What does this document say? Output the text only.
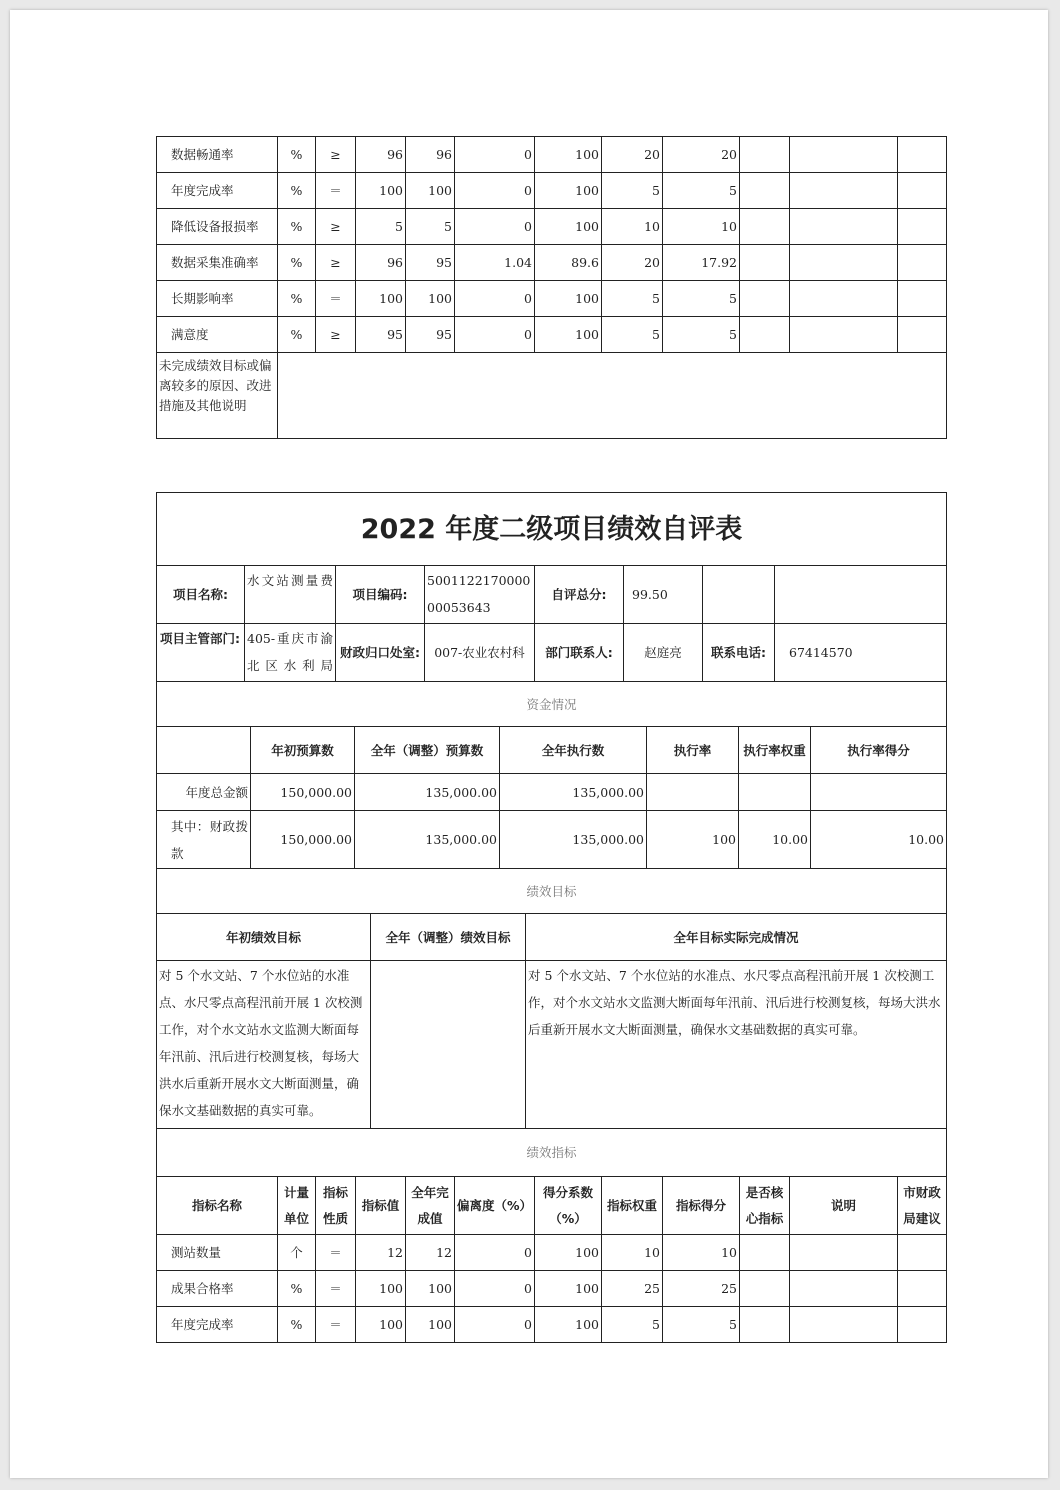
数据畅通率	%	≥	96	96	0	100	20	20			
年度完成率	%	＝	100	100	0	100	5	5			
降低设备报损率	%	≥	5	5	0	100	10	10			
数据采集准确率	%	≥	96	95	1.04	89.6	20	17.92			
长期影响率	%	＝	100	100	0	100	5	5			
满意度	%	≥	95	95	0	100	5	5			
未完成绩效目标或偏离较多的原因、改进措施及其他说明											
2022 年度二级项目绩效自评表							
项目名称:	水文站测量费	项目编码:	500112217000000053643	自评总分:	99.50		
项目主管部门:	405-重庆市渝北区水利局	财政归口处室:	007-农业农村科	部门联系人:	赵庭亮	联系电话:	67414570
资金情况						
	年初预算数	全年（调整）预算数	全年执行数	执行率	执行率权重	执行率得分
年度总金额	150,000.00	135,000.00	135,000.00			
其中：财政拨款	150,000.00	135,000.00	135,000.00	100	10.00	10.00
绩效目标		
年初绩效目标	全年（调整）绩效目标	全年目标实际完成情况
对 5 个水文站、7 个水位站的水准点、水尺零点高程汛前开展 1 次校测工作，对个水文站水文监测大断面每年汛前、汛后进行校测复核，每场大洪水后重新开展水文大断面测量，确保水文基础数据的真实可靠。		对 5 个水文站、7 个水位站的水准点、水尺零点高程汛前开展 1 次校测工作，对个水文站水文监测大断面每年汛前、汛后进行校测复核，每场大洪水后重新开展水文大断面测量，确保水文基础数据的真实可靠。
绩效指标											
指标名称	计量单位	指标性质	指标值	全年完成值	偏离度（%）	得分系数（%）	指标权重	指标得分	是否核心指标	说明	市财政局建议
测站数量	个	＝	12	12	0	100	10	10			
成果合格率	%	＝	100	100	0	100	25	25			
年度完成率	%	＝	100	100	0	100	5	5			
